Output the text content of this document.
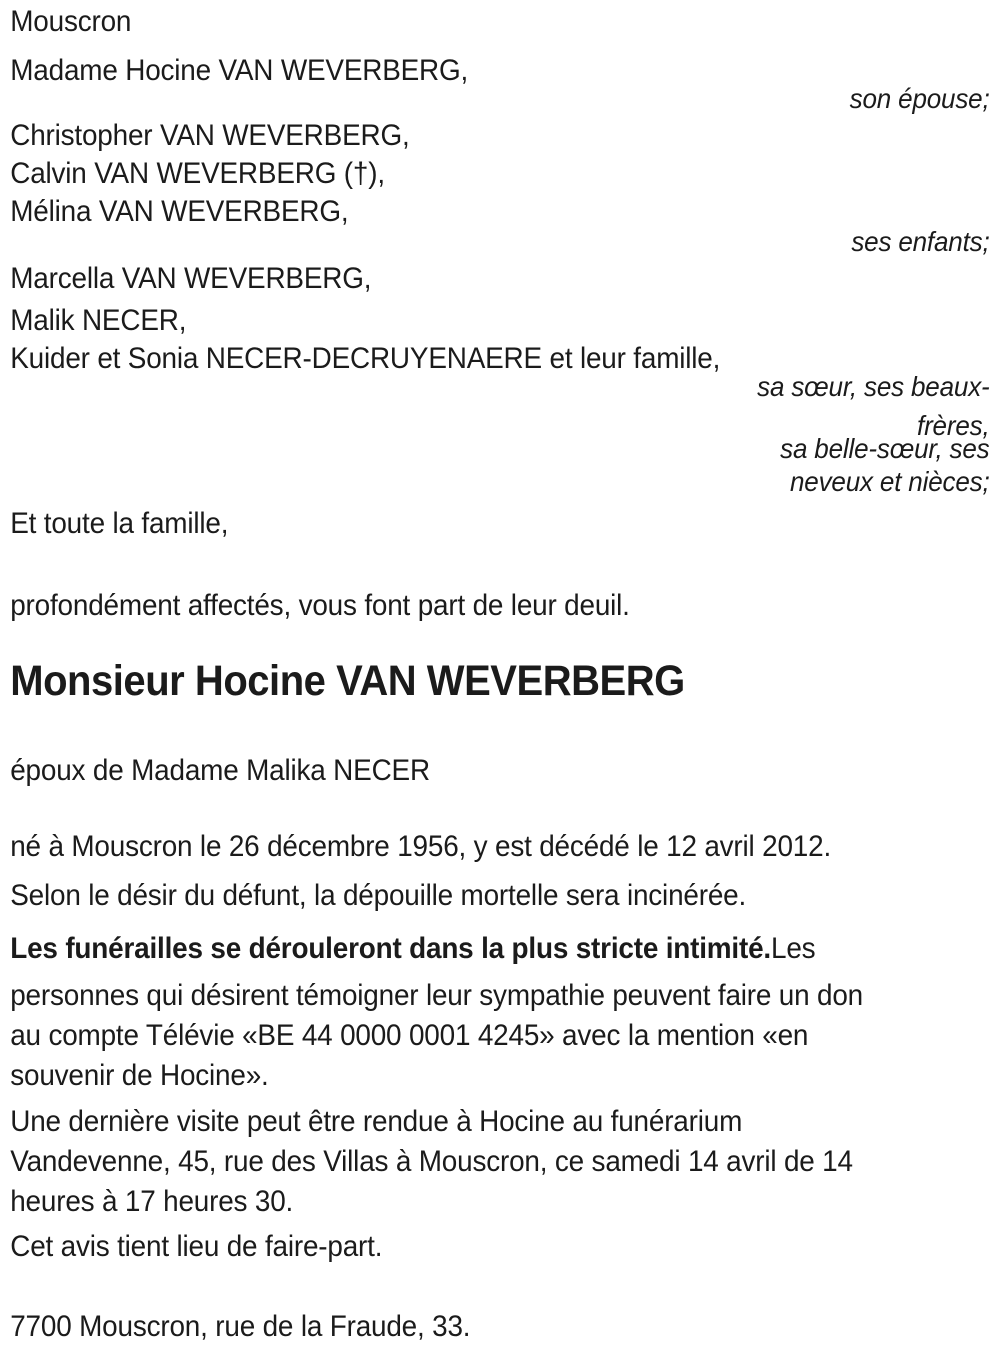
Mouscron
Madame Hocine VAN WEVERBERG,
son épouse;
Christopher VAN WEVERBERG,
Calvin VAN WEVERBERG (†),
Mélina VAN WEVERBERG,
ses enfants;
Marcella VAN WEVERBERG,
Malik NECER,
Kuider et Sonia NECER-DECRUYENAERE et leur famille,
sa sœur, ses beaux-
frères,
sa belle-sœur, ses
neveux et nièces;
Et toute la famille,
profondément affectés, vous font part de leur deuil.
Monsieur Hocine VAN WEVERBERG
époux de Madame Malika NECER
né à Mouscron le 26 décembre 1956, y est décédé le 12 avril 2012.
Selon le désir du défunt, la dépouille mortelle sera incinérée.
Les funérailles se dérouleront dans la plus stricte intimité.Les
personnes qui désirent témoigner leur sympathie peuvent faire un don
au compte Télévie «BE 44 0000 0001 4245» avec la mention «en
souvenir de Hocine».
Une dernière visite peut être rendue à Hocine au funérarium
Vandevenne, 45, rue des Villas à Mouscron, ce samedi 14 avril de 14
heures à 17 heures 30.
Cet avis tient lieu de faire-part.
7700 Mouscron, rue de la Fraude, 33.
